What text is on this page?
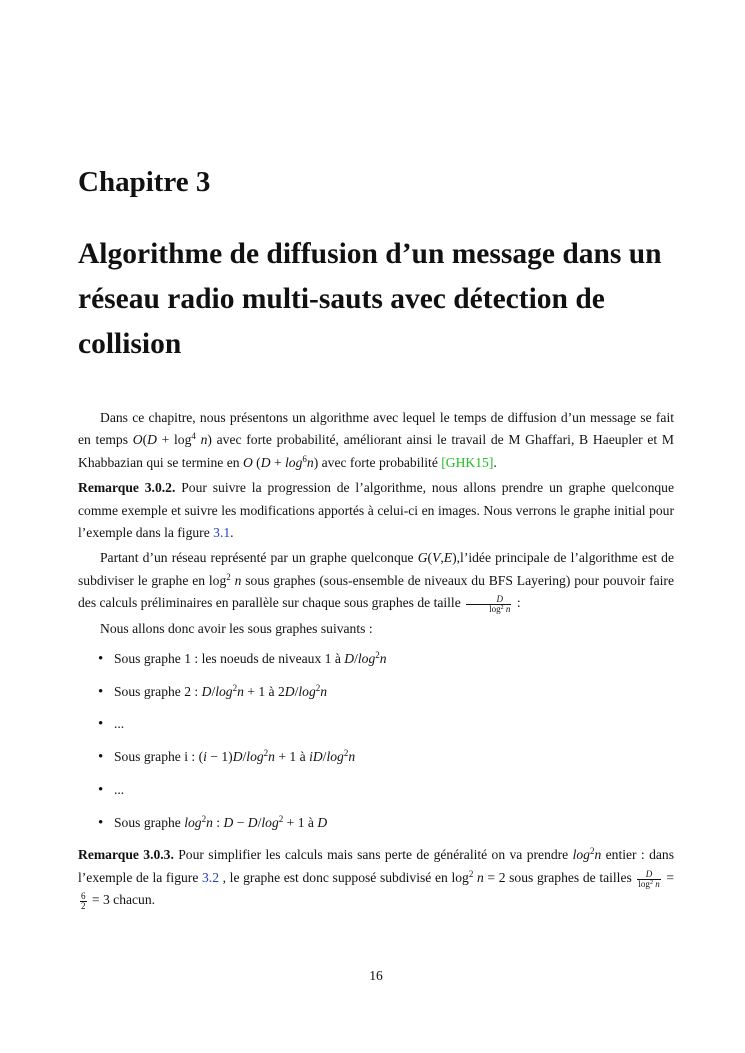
Chapitre 3
Algorithme de diffusion d’un message dans un réseau radio multi-sauts avec détection de collision

Dans ce chapitre, nous présentons un algorithme avec lequel le temps de diffusion d’un message se fait en temps $O(D + \log^4 n)$ avec forte probabilité, améliorant ainsi le travail de M Ghaffari, B Haeupler et M Khabbazian qui se termine en O $(D + \log^6n)$ avec forte probabilité [GHK15].

Remarque 3.0.2. Pour suivre la progression de l’algorithme, nous allons prendre un graphe quelconque comme exemple et suivre les modifications apportés à celui-ci en images. Nous verrons le graphe initial pour l’exemple dans la figure 3.1.

Partant d’un réseau représenté par un graphe quelconque G(V,E),l’idée principale de l’algorithme est de subdiviser le graphe en $\log^2 n$ sous graphes (sous-ensemble de niveaux du BFS Layering) pour pouvoir faire des calculs préliminaires en parallèle sur chaque sous graphes de taille $\frac{D}{\log^2 n}$ :

Nous allons donc avoir les sous graphes suivants :

• Sous graphe 1 : les noeuds de niveaux 1 à $D/\log^2n$
• Sous graphe 2 : $D/\log^2n + 1$ à $2D/\log^2n$
• ...
• Sous graphe i : $(i - 1)D/\log^2n + 1$ à $iD/\log^2n$
• ...
• Sous graphe $\log^2n$ : $D - D/\log^2 + 1$ à D

Remarque 3.0.3. Pour simplifier les calculs mais sans perte de généralité on va prendre $\log^2n$ entier : dans l’exemple de la figure 3.2 , le graphe est donc supposé subdivisé en $\log^2 n = 2$ sous graphes de tailles $\frac{D}{\log^2 n}$ =
$\frac{6}{2} = 3$ chacun.

16
